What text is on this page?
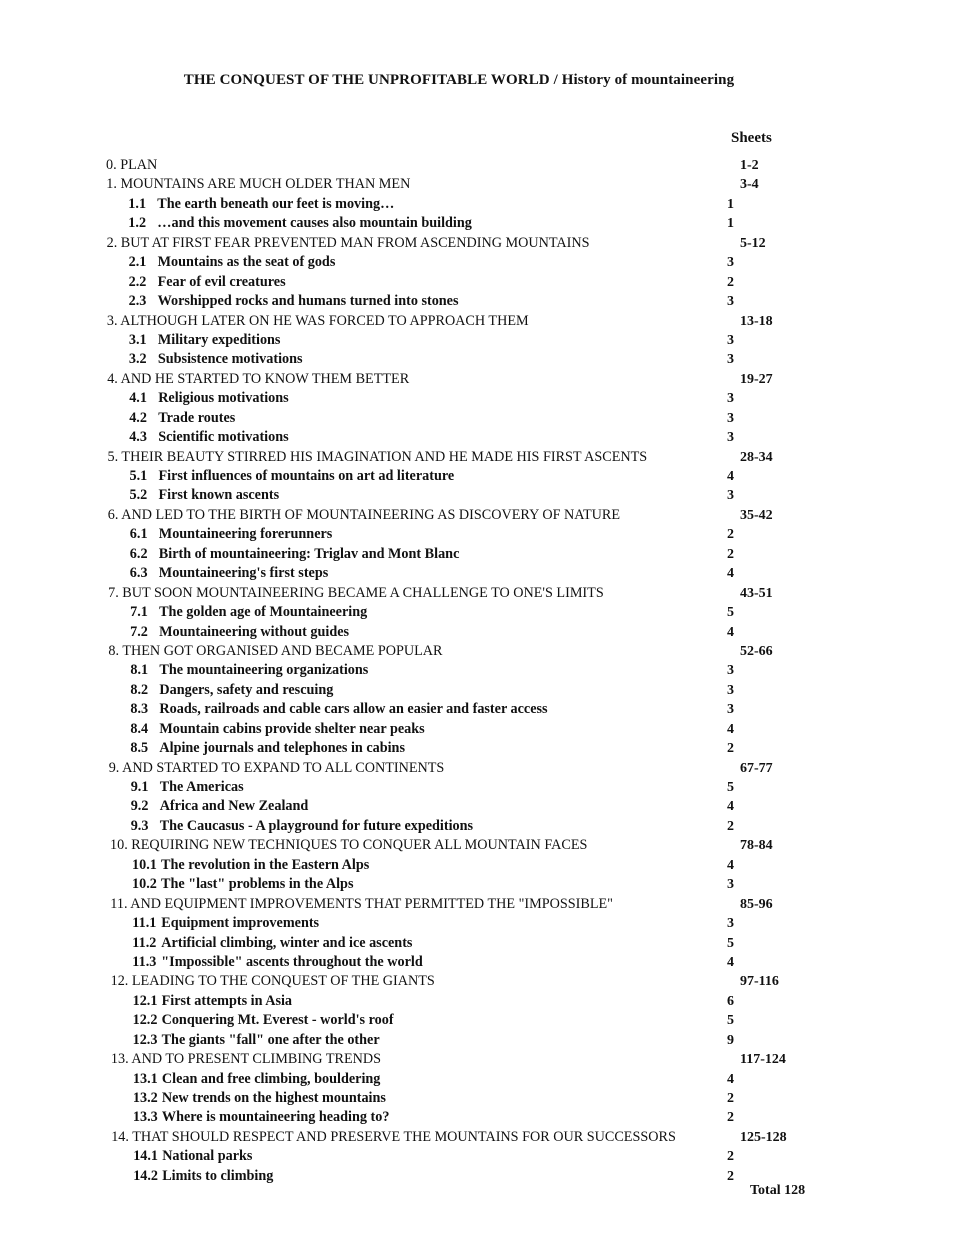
THE CONQUEST OF THE UNPROFITABLE WORLD / History of mountaineering
Sheets
0. PLAN	1-2
1. MOUNTAINS ARE MUCH OLDER THAN MEN	3-4
1.1 The earth beneath our feet is moving…	1
1.2 …and this movement causes also mountain building	1
2. BUT AT FIRST FEAR PREVENTED MAN FROM ASCENDING MOUNTAINS	5-12
2.1 Mountains as the seat of gods	3
2.2 Fear of evil creatures	2
2.3 Worshipped rocks and humans turned into stones	3
3. ALTHOUGH LATER ON HE WAS FORCED TO APPROACH THEM	13-18
3.1 Military expeditions	3
3.2 Subsistence motivations	3
4. AND HE STARTED TO KNOW THEM BETTER	19-27
4.1 Religious motivations	3
4.2 Trade routes	3
4.3 Scientific motivations	3
5. THEIR BEAUTY STIRRED HIS IMAGINATION AND HE MADE HIS FIRST ASCENTS	28-34
5.1 First influences of mountains on art ad literature	4
5.2 First known ascents	3
6. AND LED TO THE BIRTH OF MOUNTAINEERING AS DISCOVERY OF NATURE	35-42
6.1 Mountaineering forerunners	2
6.2 Birth of mountaineering: Triglav and Mont Blanc	2
6.3 Mountaineering's first steps	4
7. BUT SOON MOUNTAINEERING BECAME A CHALLENGE TO ONE'S LIMITS	43-51
7.1 The golden age of Mountaineering	5
7.2 Mountaineering without guides	4
8. THEN GOT ORGANISED AND BECAME POPULAR	52-66
8.1 The mountaineering organizations	3
8.2 Dangers, safety and rescuing	3
8.3 Roads, railroads and cable cars allow an easier and faster access	3
8.4 Mountain cabins provide shelter near peaks	4
8.5 Alpine journals and telephones in cabins	2
9. AND STARTED TO EXPAND TO ALL CONTINENTS	67-77
9.1 The Americas	5
9.2 Africa and New Zealand	4
9.3 The Caucasus - A playground for future expeditions	2
10. REQUIRING NEW TECHNIQUES TO CONQUER ALL MOUNTAIN FACES	78-84
10.1 The revolution in the Eastern Alps	4
10.2 The "last" problems in the Alps	3
11. AND EQUIPMENT IMPROVEMENTS THAT PERMITTED THE "IMPOSSIBLE"	85-96
11.1 Equipment improvements	3
11.2 Artificial climbing, winter and ice ascents	5
11.3 "Impossible" ascents throughout the world	4
12. LEADING TO THE CONQUEST OF THE GIANTS	97-116
12.1 First attempts in Asia	6
12.2 Conquering Mt. Everest - world's roof	5
12.3 The giants "fall" one after the other	9
13. AND TO PRESENT CLIMBING TRENDS	117-124
13.1 Clean and free climbing, bouldering	4
13.2 New trends on the highest mountains	2
13.3 Where is mountaineering heading to?	2
14. THAT SHOULD RESPECT AND PRESERVE THE MOUNTAINS FOR OUR SUCCESSORS	125-128
14.1 National parks	2
14.2 Limits to climbing	2
Total 128
